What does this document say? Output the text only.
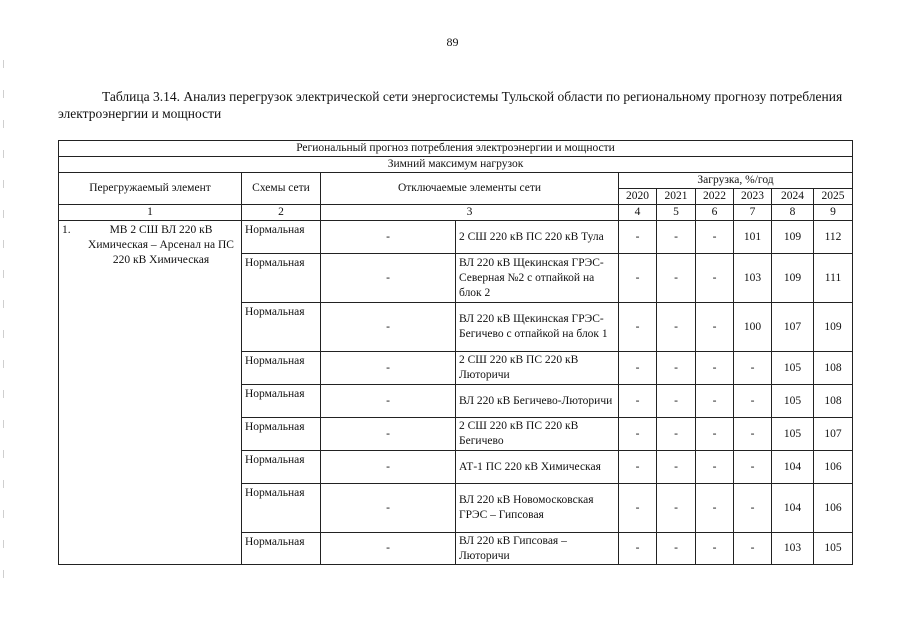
89
Таблица 3.14. Анализ перегрузок электрической сети энергосистемы Тульской области по региональному прогнозу потребления электроэнергии и мощности
Региональный прогноз потребления электроэнергии и мощности									
Зимний максимум нагрузок									
Перегружаемый элемент	Схемы сети	Отключаемые элементы сети		Загрузка, %/год					
				2020	2021	2022	2023	2024	2025
1	2	3		4	5	6	7	8	9

1. МВ 2 СШ ВЛ 220 кВ Химическая – Арсенал на ПС 220 кВ Химическая	Нормальная	-	2 СШ 220 кВ ПС 220 кВ Тула	-	-	-	101	109	112
	Нормальная	-	ВЛ 220 кВ Щекинская ГРЭС-Северная №2 с отпайкой на блок 2	-	-	-	103	109	111
	Нормальная	-	ВЛ 220 кВ Щекинская ГРЭС-Бегичево с отпайкой на блок 1	-	-	-	100	107	109
	Нормальная	-	2 СШ 220 кВ ПС 220 кВ Лютоpичи	-	-	-	-	105	108
	Нормальная	-	ВЛ 220 кВ Бегичево-Лютоpичи	-	-	-	-	105	108
	Нормальная	-	2 СШ 220 кВ ПС 220 кВ Бегичево	-	-	-	-	105	107
	Нормальная	-	АТ-1 ПС 220 кВ Химическая	-	-	-	-	104	106
	Нормальная	-	ВЛ 220 кВ Новомосковская ГРЭС – Гипсовая	-	-	-	-	104	106
	Нормальная	-	ВЛ 220 кВ Гипсовая – Лютоpичи	-	-	-	-	103	105
